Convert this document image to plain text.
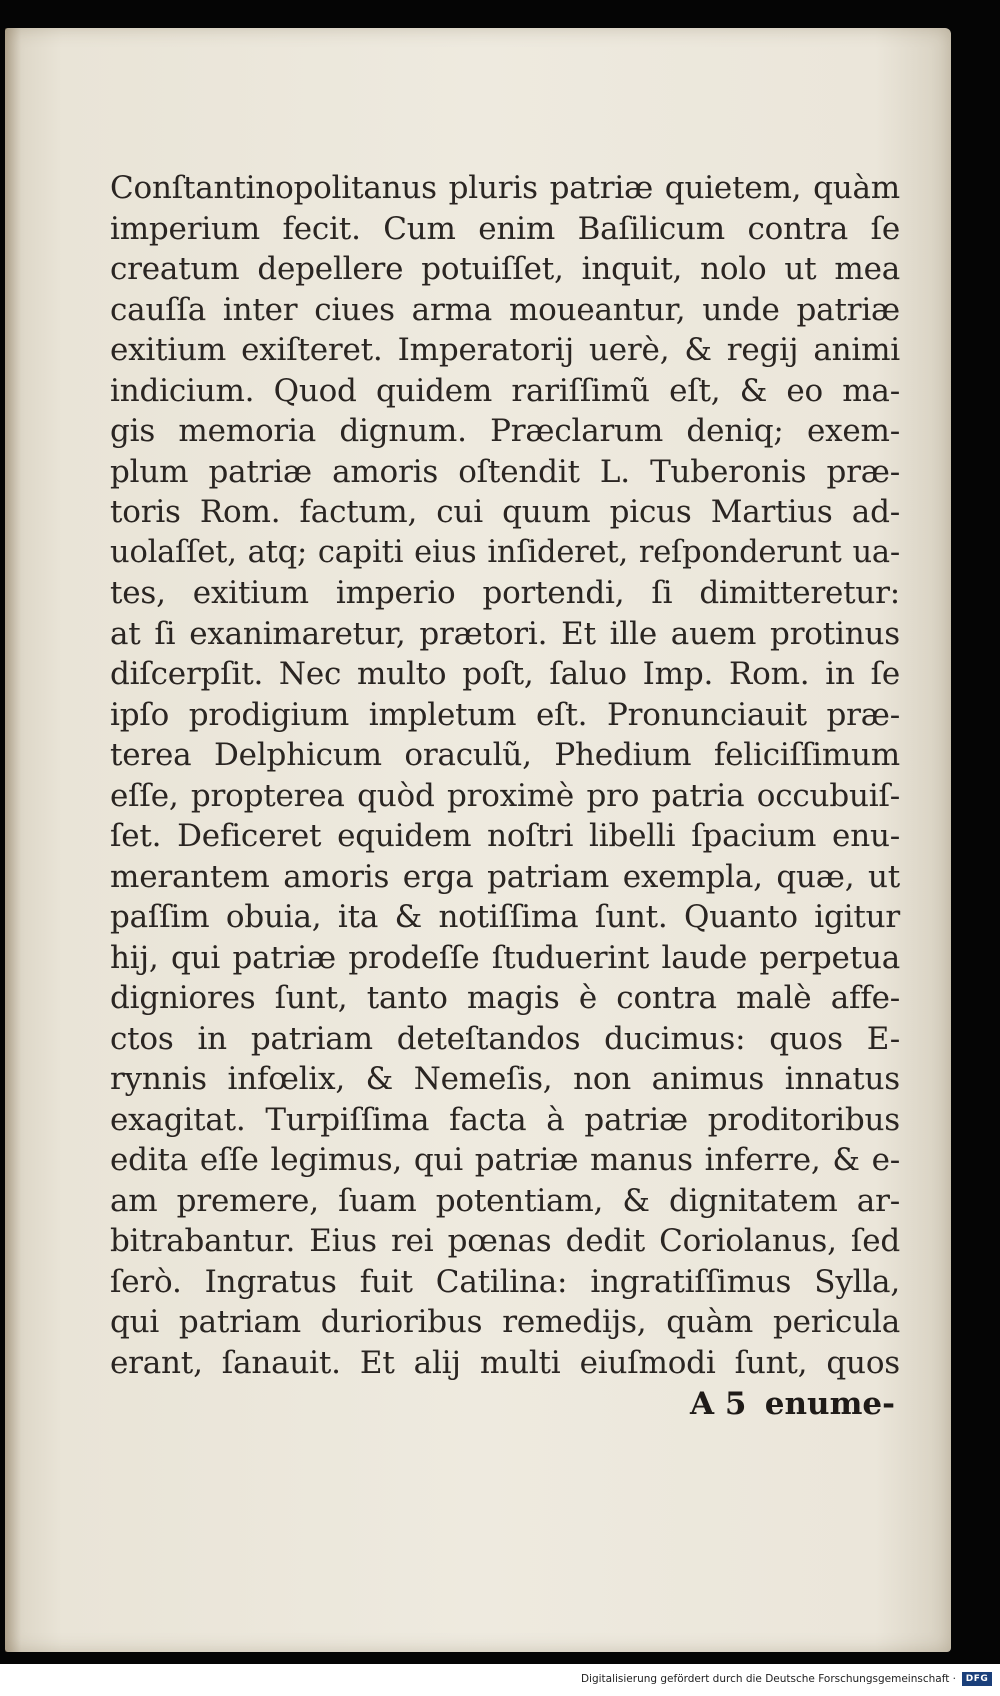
Conſtantinopolitanus pluris patriæ quietem, quàm
imperium fecit. Cum enim Baſilicum contra ſe
creatum depellere potuiſſet, inquit, nolo ut mea
cauſſa inter ciues arma moueantur, unde patriæ
exitium exiſteret. Imperatorij uerè, & regij animi
indicium. Quod quidem rariſſimũ eſt, & eo ma-
gis memoria dignum. Præclarum deniq; exem-
plum patriæ amoris oſtendit L. Tuberonis præ-
toris Rom. factum, cui quum picus Martius ad-
uolaſſet, atq; capiti eius inſideret, reſponderunt ua-
tes, exitium imperio portendi, ſi dimitteretur:
at ſi exanimaretur, prætori. Et ille auem protinus
diſcerpſit. Nec multo poſt, ſaluo Imp. Rom. in ſe
ipſo prodigium impletum eſt. Pronunciauit præ-
terea Delphicum oraculũ, Phedium feliciſſimum
eſſe, propterea quòd proximè pro patria occubuiſ-
ſet. Deficeret equidem noſtri libelli ſpacium enu-
merantem amoris erga patriam exempla, quæ, ut
paſſim obuia, ita & notiſſima ſunt. Quanto igitur
hij, qui patriæ prodeſſe ſtuduerint laude perpetua
digniores ſunt, tanto magis è contra malè affe-
ctos in patriam deteſtandos ducimus: quos E-
rynnis infœlix, & Nemeſis, non animus innatus
exagitat. Turpiſſima facta à patriæ proditoribus
edita eſſe legimus, qui patriæ manus inferre, & e-
am premere, ſuam potentiam, & dignitatem ar-
bitrabantur. Eius rei pœnas dedit Coriolanus, ſed
ſerò. Ingratus fuit Catilina: ingratiſſimus Sylla,
qui patriam durioribus remedijs, quàm pericula
erant, ſanauit. Et alij multi eiuſmodi ſunt, quos
A 5 enume-
Digitalisierung gefördert durch die Deutsche Forschungsgemeinschaft ·	DFG
